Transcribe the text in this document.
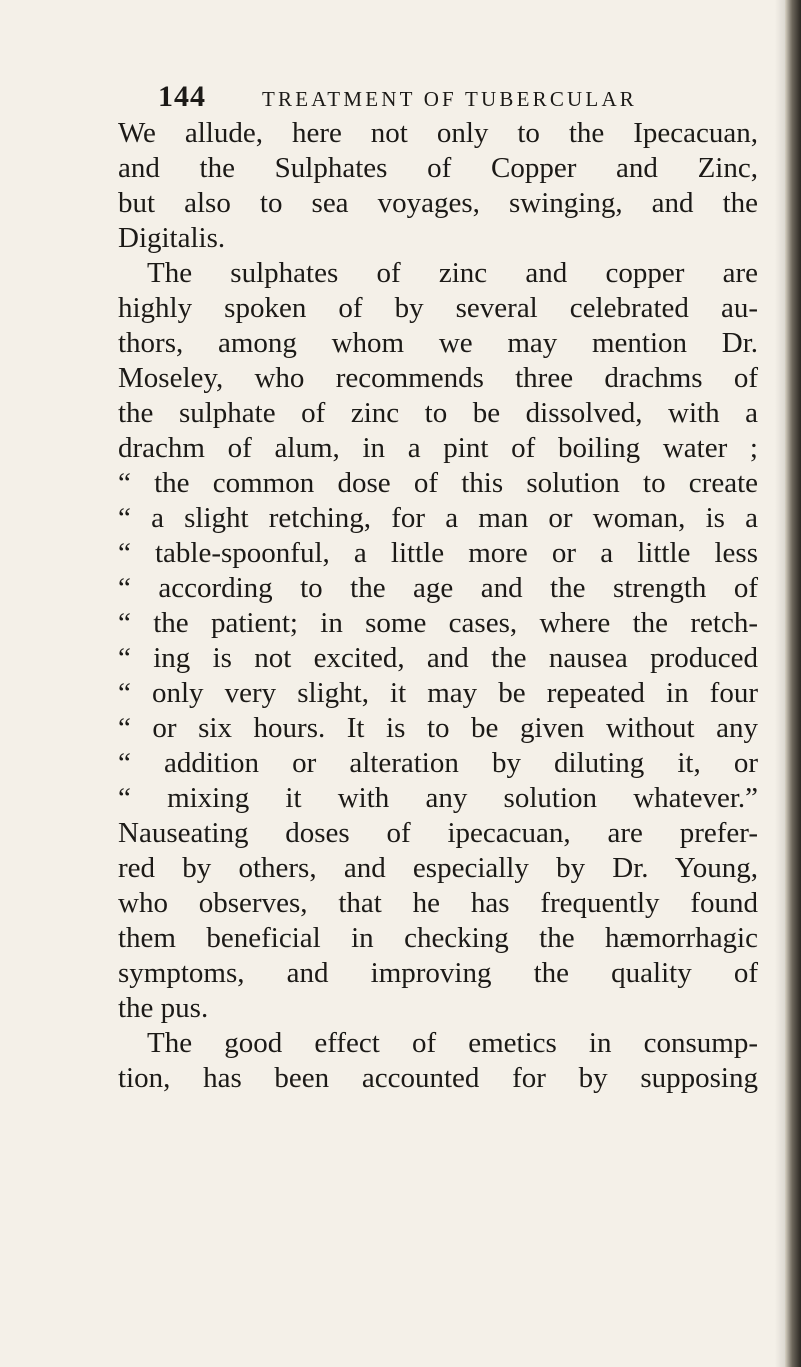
144	TREATMENT OF TUBERCULAR
We allude, here not only to the Ipecacuan,
and the Sulphates of Copper and Zinc,
but also to sea voyages, swinging, and the
Digitalis.
The sulphates of zinc and copper are
highly spoken of by several celebrated au-
thors, among whom we may mention Dr.
Moseley, who recommends three drachms of
the sulphate of zinc to be dissolved, with a
drachm of alum, in a pint of boiling water ;
“ the common dose of this solution to create
“ a slight retching, for a man or woman, is a
“ table-spoonful, a little more or a little less
“ according to the age and the strength of
“ the patient; in some cases, where the retch-
“ ing is not excited, and the nausea produced
“ only very slight, it may be repeated in four
“ or six hours. It is to be given without any
“ addition or alteration by diluting it, or
“ mixing it with any solution whatever.”
Nauseating doses of ipecacuan, are prefer-
red by others, and especially by Dr. Young,
who observes, that he has frequently found
them beneficial in checking the hæmorrhagic
symptoms, and improving the quality of
the pus.
The good effect of emetics in consump-
tion, has been accounted for by supposing
